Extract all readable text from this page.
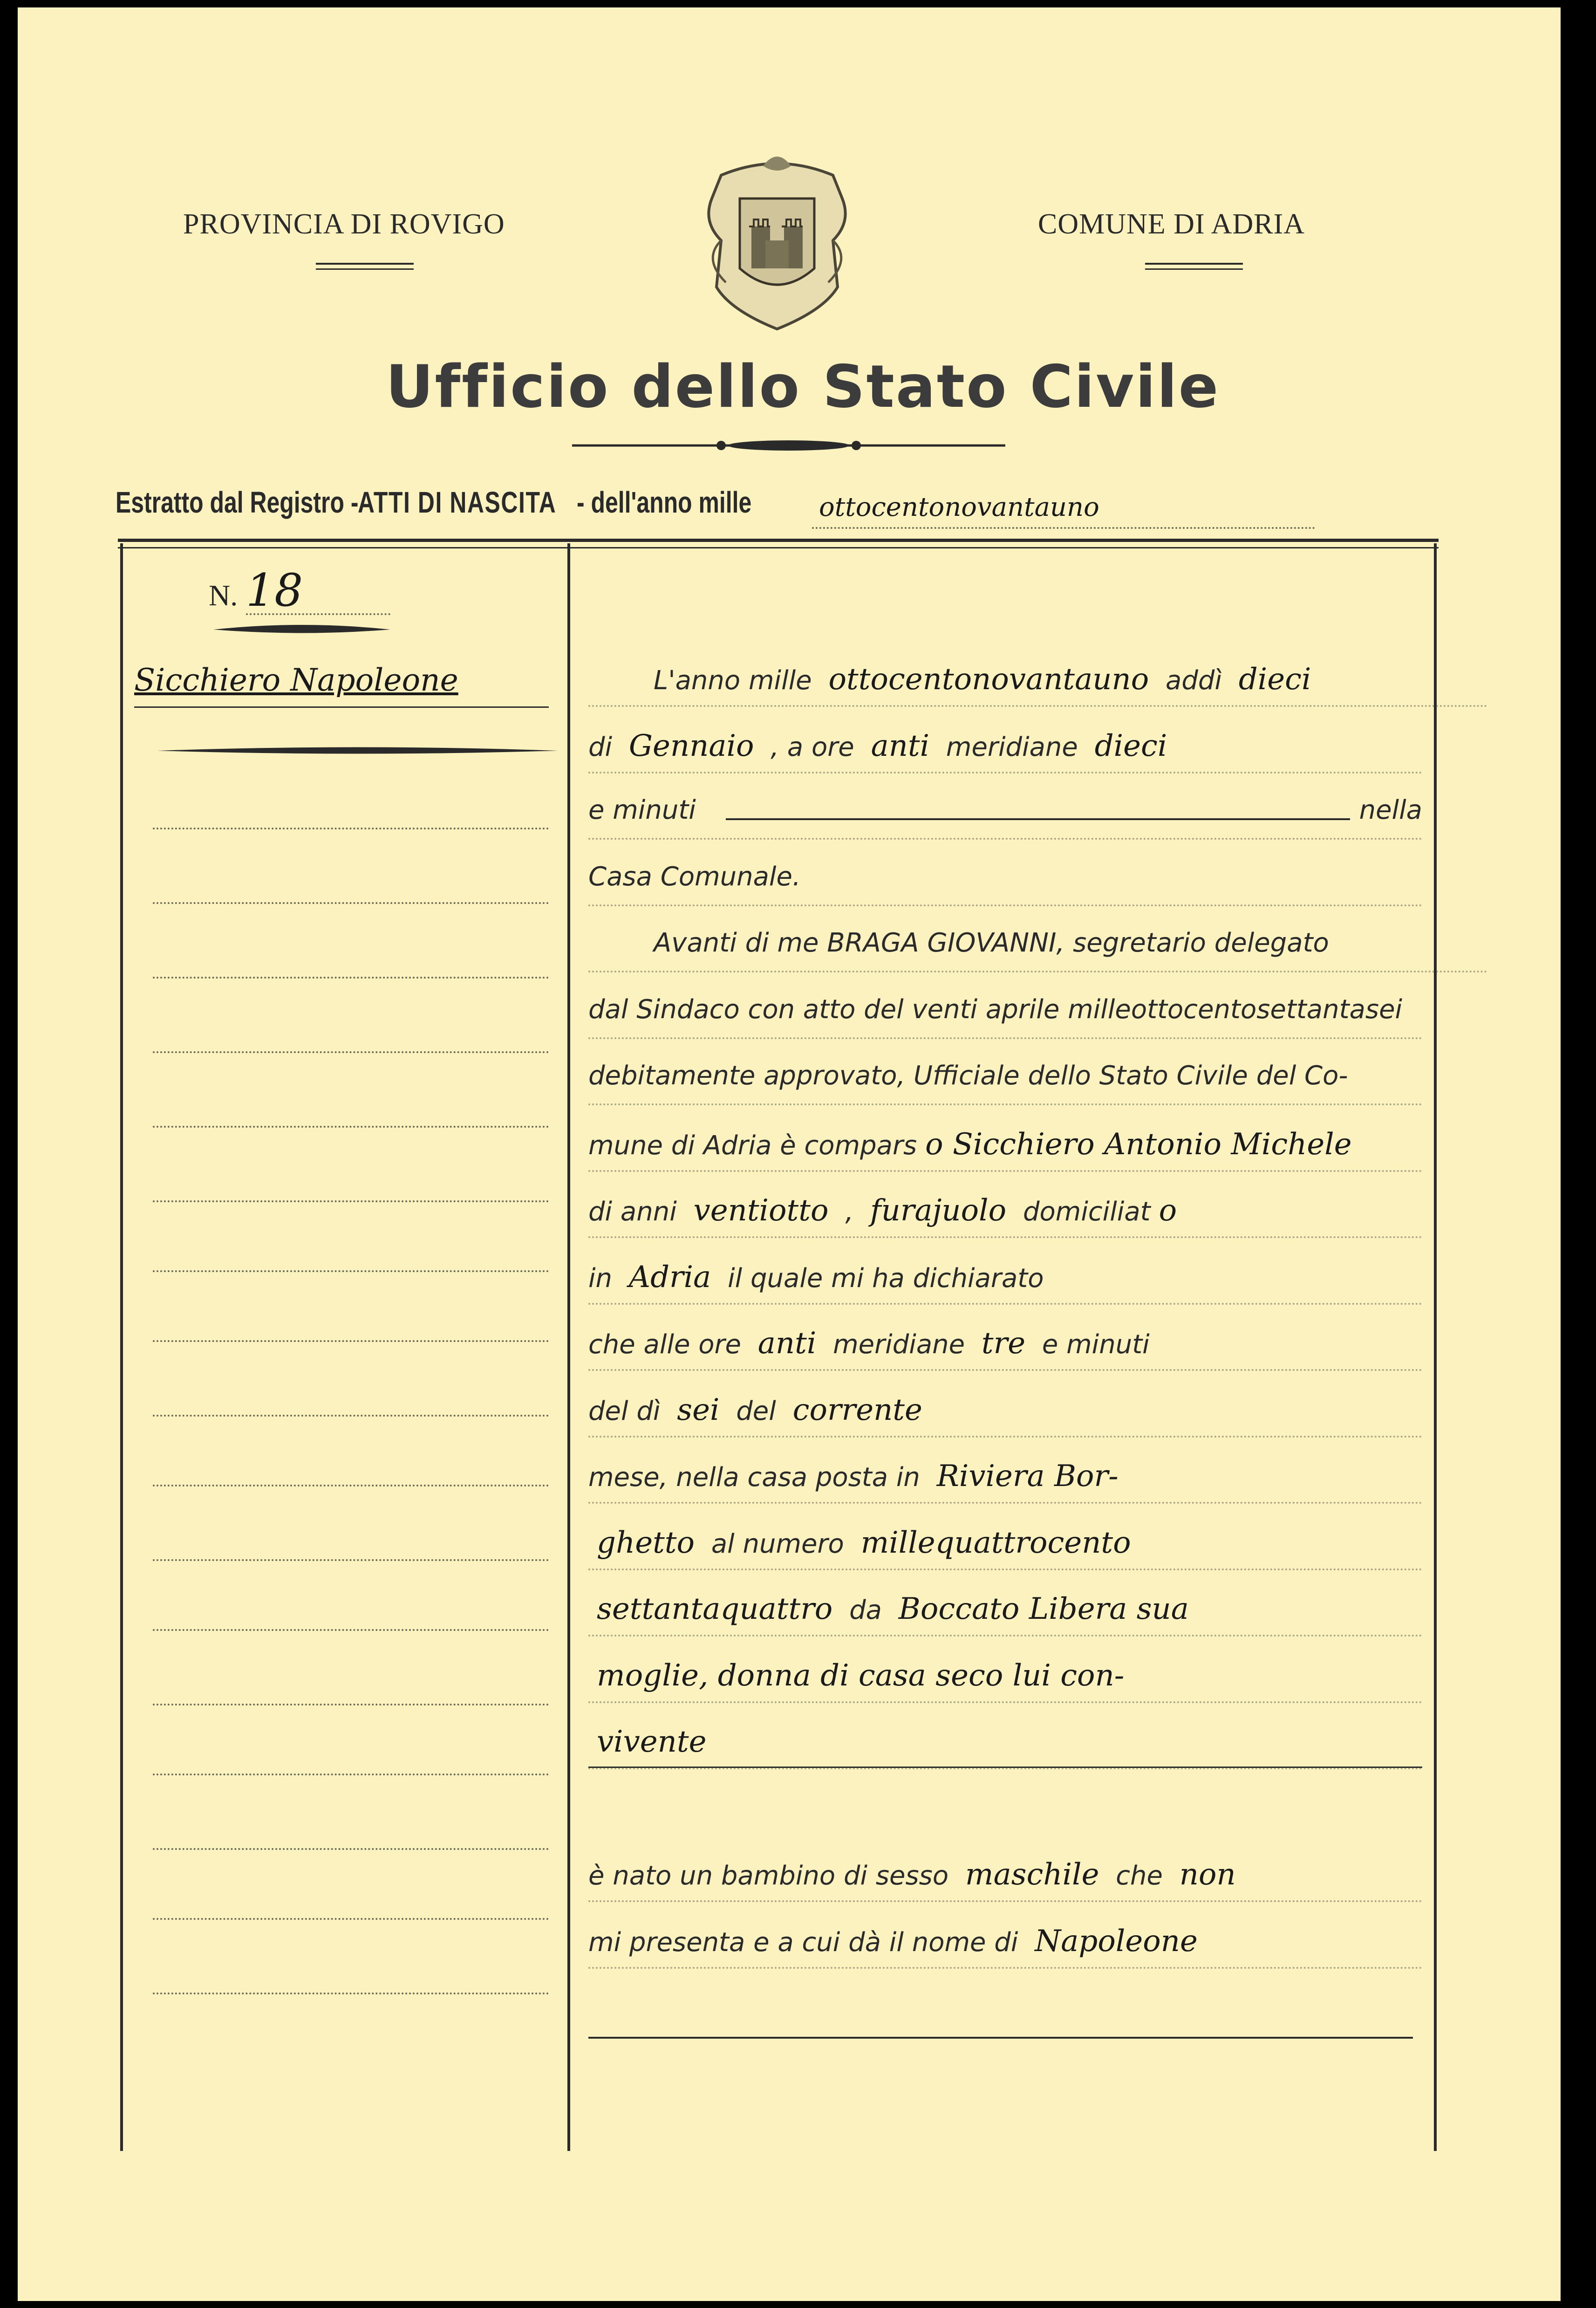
PROVINCIA DI ROVIGO	COMUNE DI ADRIA
Ufficio dello Stato Civile
Estratto dal Registro -ATTI DI NASCITA- dell'anno mille	ottocentonovantauno
N. 18
Sicchiero Napoleone	L'anno mille ottocentonovantauno addì dieci
di Gennaio , a ore anti meridiane dieci
e minuti	nella
Casa Comunale.
Avanti di me BRAGA GIOVANNI, segretario delegato
dal Sindaco con atto del venti aprile milleottocentosettantasei
debitamente approvato, Ufficiale dello Stato Civile del Co-
mune di Adria è compars o Sicchiero Antonio Michele
di anni ventiotto , furajuolo domiciliat o
in Adria il quale mi ha dichiarato
che alle ore anti meridiane tre e minuti
del dì sei del corrente
mese, nella casa posta in Riviera Bor-
ghetto al numero millequattrocento
settantaquattro da Boccato Libera sua
moglie, donna di casa seco lui con-
vivente
è nato un bambino di sesso maschile che non
mi presenta e a cui dà il nome di Napoleone
